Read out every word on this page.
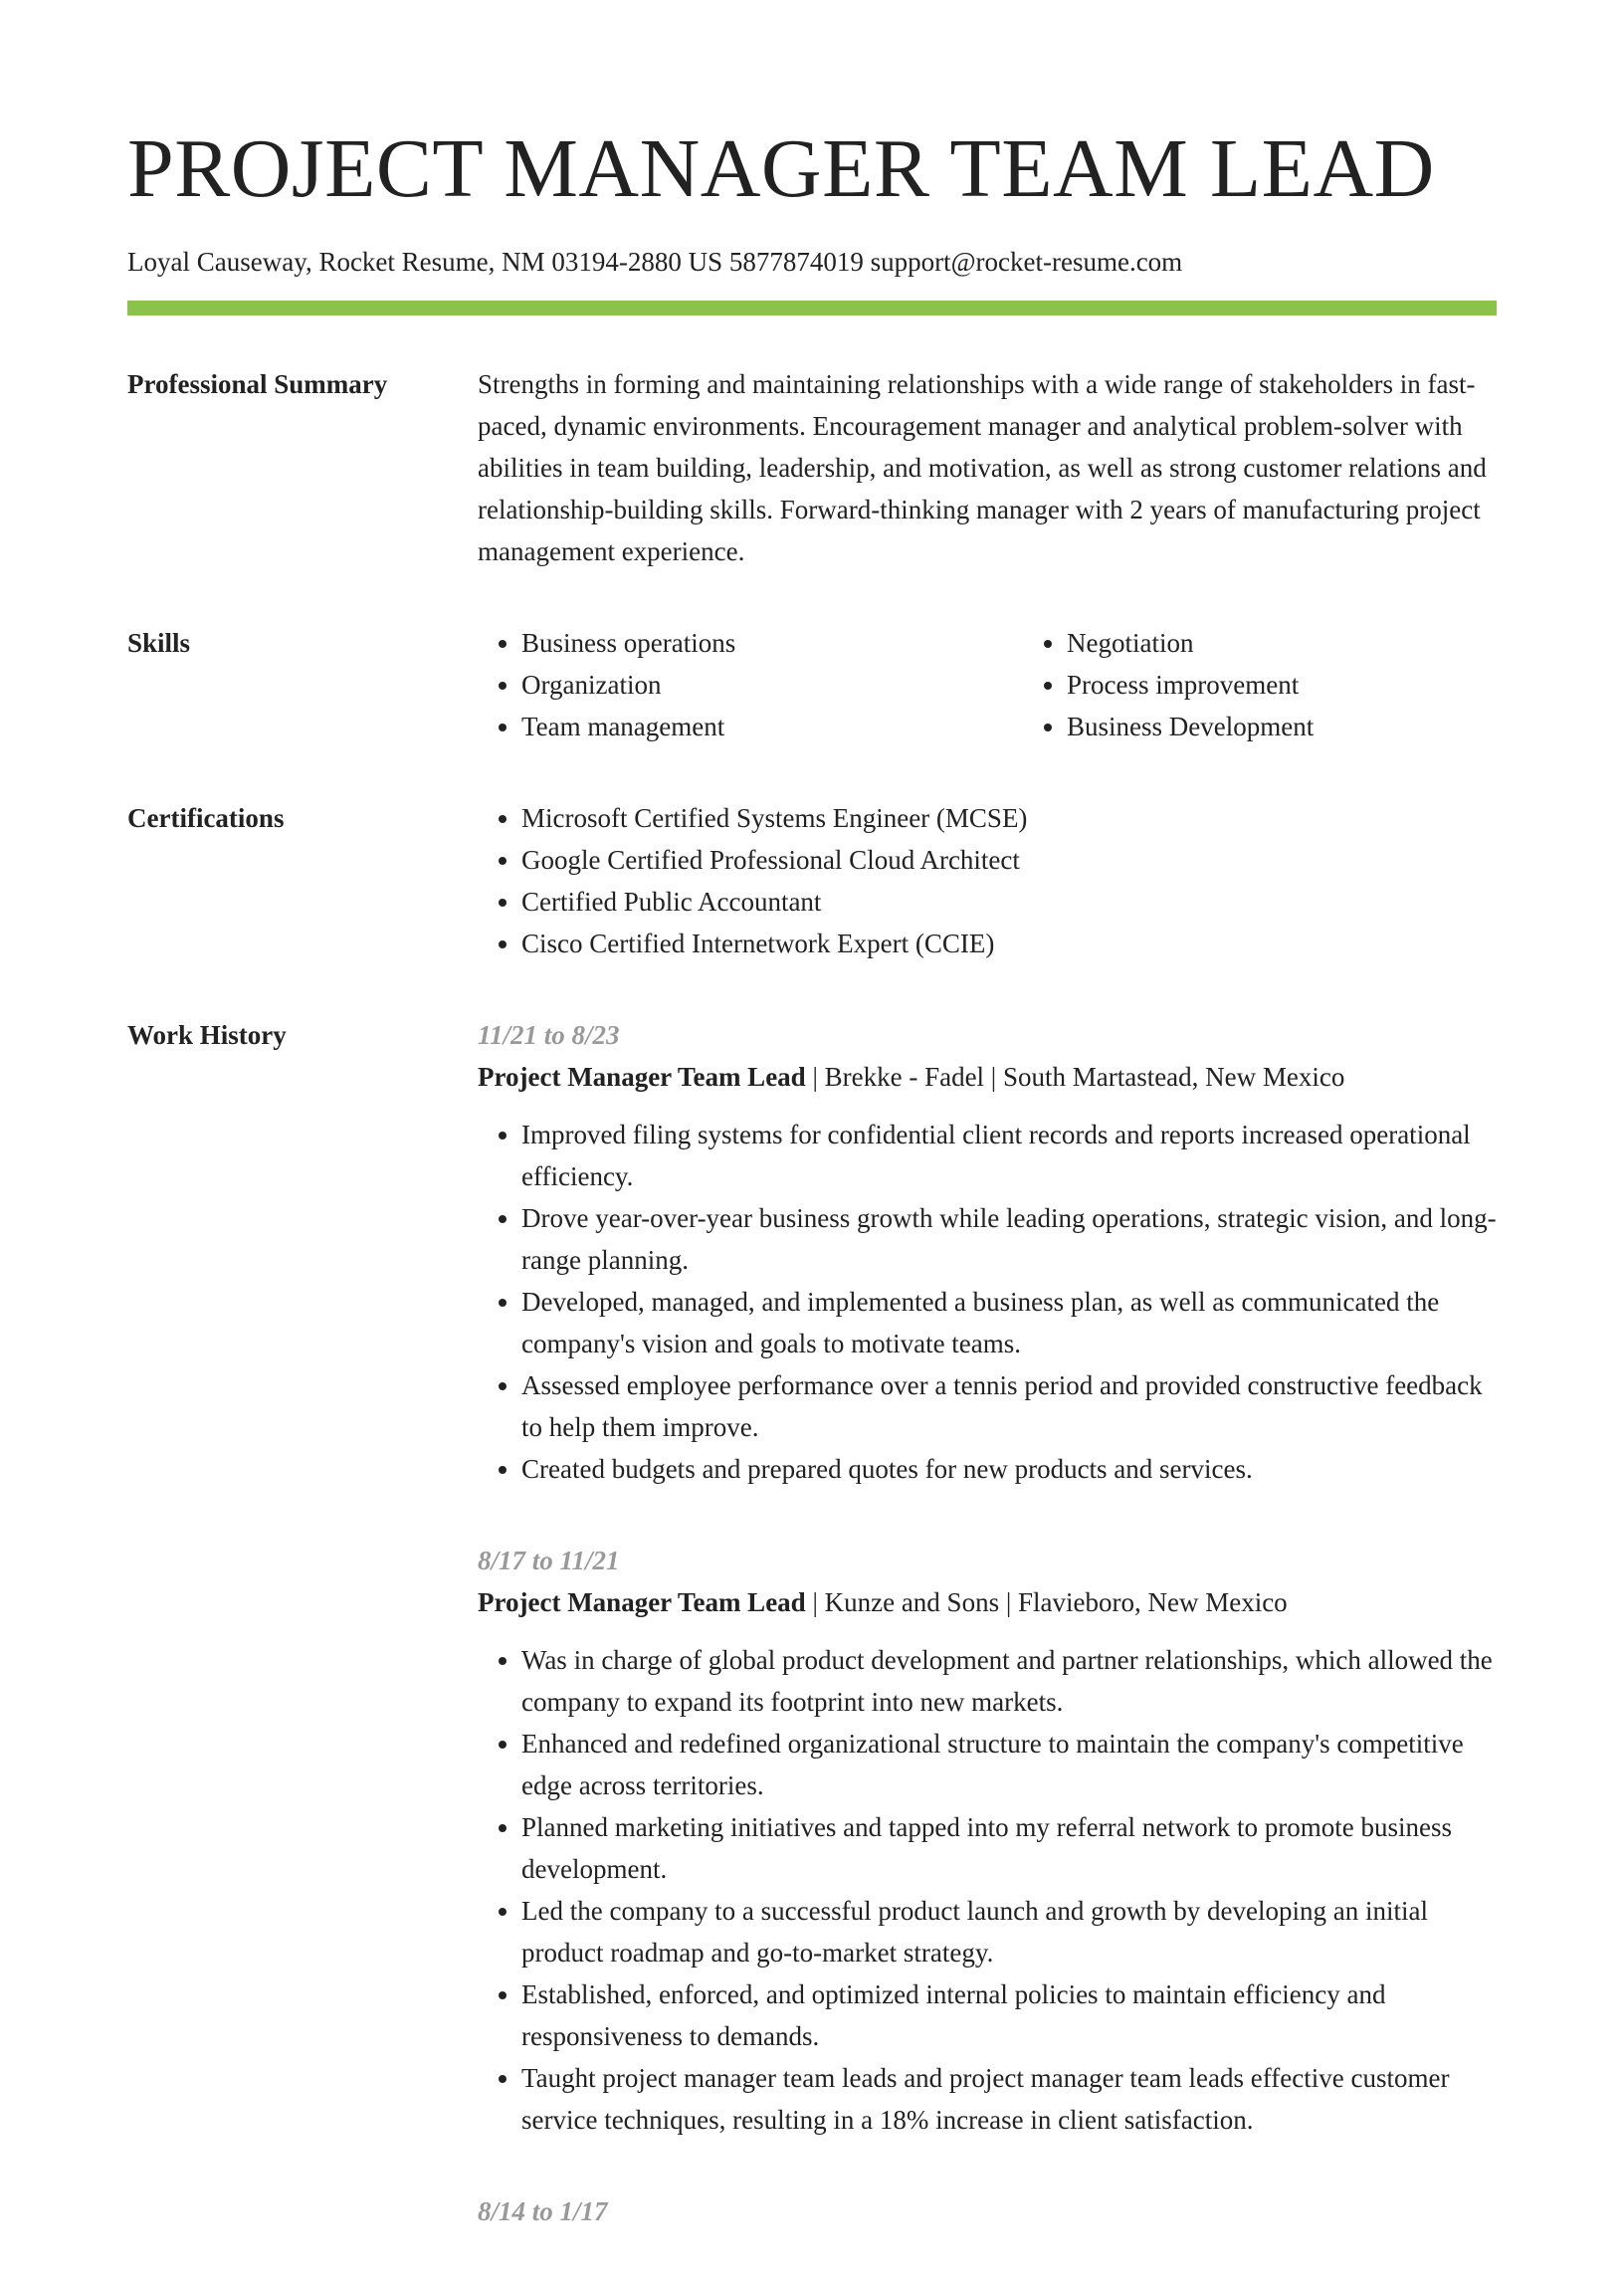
PROJECT MANAGER TEAM LEAD
Loyal Causeway, Rocket Resume, NM 03194-2880 US 5877874019 support@rocket-resume.com
Professional Summary	Strengths in forming and maintaining relationships with a wide range of stakeholders in fast-paced, dynamic environments. Encouragement manager and analytical problem-solver with abilities in team building, leadership, and motivation, as well as strong customer relations and relationship-building skills. Forward-thinking manager with 2 years of manufacturing project management experience.

Skills	• Business operations
• Organization
• Team management
• Negotiation
• Process improvement
• Business Development
Certifications	• Microsoft Certified Systems Engineer (MCSE)
• Google Certified Professional Cloud Architect
• Certified Public Accountant
• Cisco Certified Internetwork Expert (CCIE)
Work History	11/21 to 8/23
Project Manager Team Lead | Brekke - Fadel | South Martastead, New Mexico
• Improved filing systems for confidential client records and reports increased operational efficiency.
• Drove year-over-year business growth while leading operations, strategic vision, and long-range planning.
• Developed, managed, and implemented a business plan, as well as communicated the company's vision and goals to motivate teams.
• Assessed employee performance over a tennis period and provided constructive feedback to help them improve.
• Created budgets and prepared quotes for new products and services.
8/17 to 11/21
Project Manager Team Lead | Kunze and Sons | Flavieboro, New Mexico
• Was in charge of global product development and partner relationships, which allowed the company to expand its footprint into new markets.
• Enhanced and redefined organizational structure to maintain the company's competitive edge across territories.
• Planned marketing initiatives and tapped into my referral network to promote business development.
• Led the company to a successful product launch and growth by developing an initial product roadmap and go-to-market strategy.
• Established, enforced, and optimized internal policies to maintain efficiency and responsiveness to demands.
• Taught project manager team leads and project manager team leads effective customer service techniques, resulting in a 18% increase in client satisfaction.
8/14 to 1/17
